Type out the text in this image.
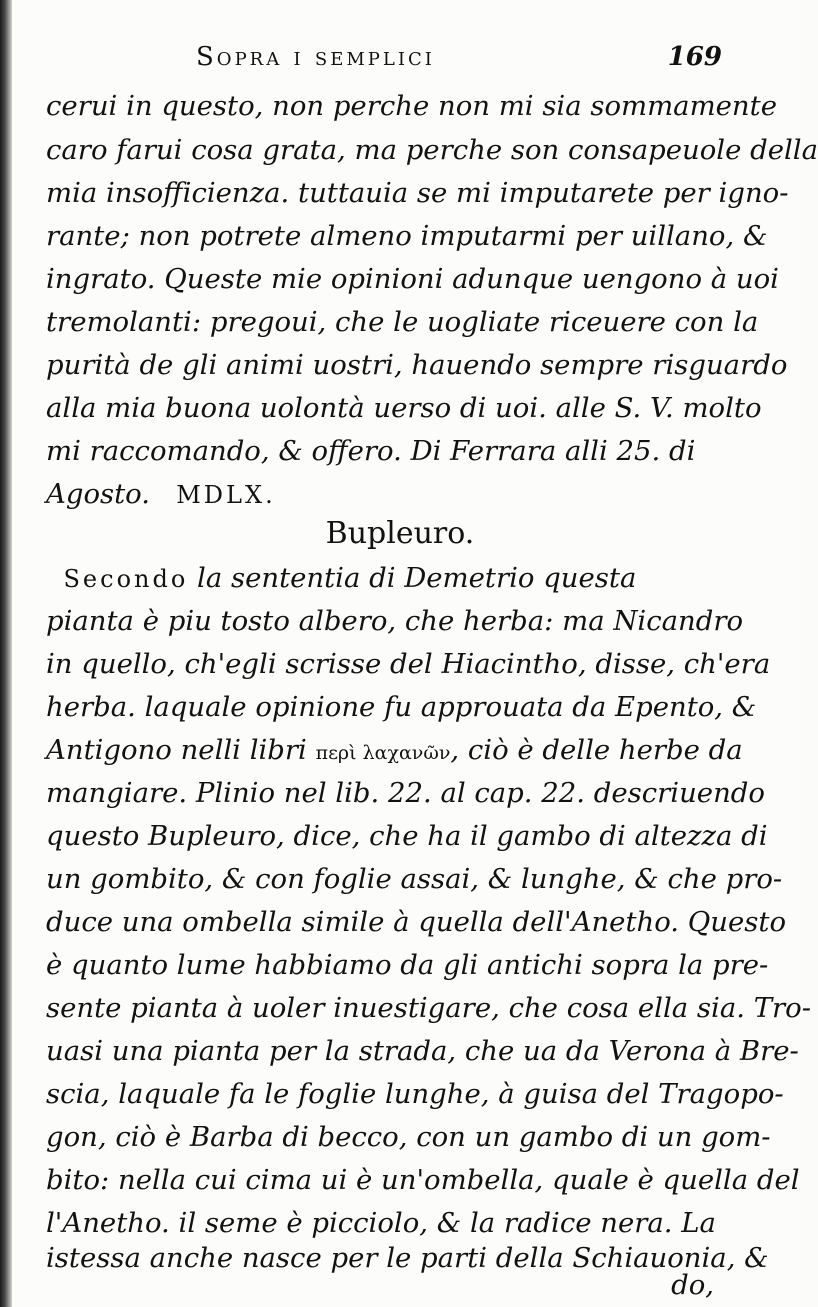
Sopra i semplici	169
cerui in questo, non perche non mi sia sommamente
caro farui cosa grata, ma perche son consapeuole della
mia insofficienza. tuttauia se mi imputarete per igno-
rante; non potrete almeno imputarmi per uillano, &
ingrato. Queste mie opinioni adunque uengono à uoi
tremolanti: pregoui, che le uogliate riceuere con la
purità de gli animi uostri, hauendo sempre risguardo
alla mia buona uolontà uerso di uoi. alle S. V. molto
mi raccomando, & offero. Di Ferrara alli 25. di
Agosto. MDLX.
Bupleuro.
Secondo la sententia di Demetrio questa
pianta è piu tosto albero, che herba: ma Nicandro
in quello, ch'egli scrisse del Hiacintho, disse, ch'era
herba. laquale opinione fu approuata da Epento, &
Antigono nelli libri περὶ λαχανῶν, ciò è delle herbe da
mangiare. Plinio nel lib. 22. al cap. 22. descriuendo
questo Bupleuro, dice, che ha il gambo di altezza di
un gombito, & con foglie assai, & lunghe, & che pro-
duce una ombella simile à quella dell'Anetho. Questo
è quanto lume habbiamo da gli antichi sopra la pre-
sente pianta à uoler inuestigare, che cosa ella sia. Tro-
uasi una pianta per la strada, che ua da Verona à Bre-
scia, laquale fa le foglie lunghe, à guisa del Tragopo-
gon, ciò è Barba di becco, con un gambo di un gom-
bito: nella cui cima ui è un'ombella, quale è quella del
l'Anetho. il seme è picciolo, & la radice nera. La
istessa anche nasce per le parti della Schiauonia, &
do,
